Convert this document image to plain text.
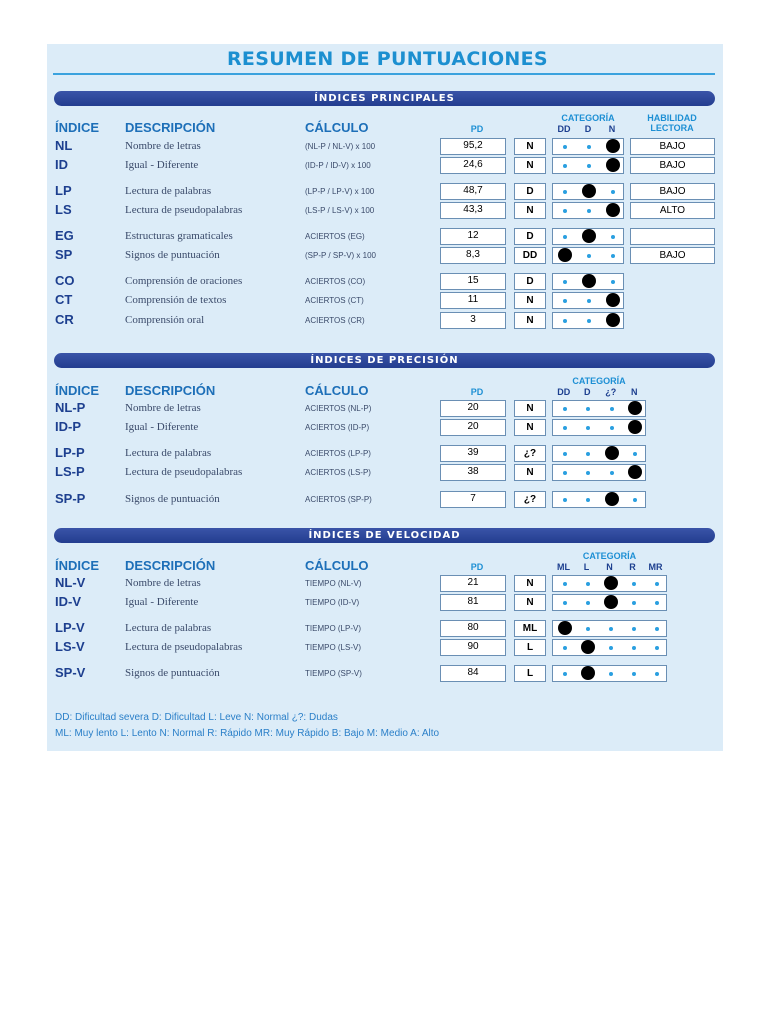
RESUMEN DE PUNTUACIONES
ÍNDICES PRINCIPALES
ÍNDICE DESCRIPCIÓN	CÁLCULO	PD
CATEGORÍA	HABILIDAD
LECTORA
DD	D	N
NL	Nombre de letras	(NL-P / NL-V) x 100	95,2	N	BAJO
ID	Igual - Diferente	(ID-P / ID-V) x 100	24,6	N	BAJO
LP	Lectura de palabras	(LP-P / LP-V) x 100	48,7	D	BAJO
LS	Lectura de pseudopalabras	(LS-P / LS-V) x 100	43,3	N	ALTO
EG	Estructuras gramaticales	ACIERTOS (EG)	12	D
SP	Signos de puntuación	(SP-P / SP-V) x 100	8,3	DD	BAJO
CO	Comprensión de oraciones	ACIERTOS (CO)	15	D
CT	Comprensión de textos	ACIERTOS (CT)	11	N
CR	Comprensión oral	ACIERTOS (CR)	3	N
ÍNDICES DE PRECISIÓN
ÍNDICE DESCRIPCIÓN	CÁLCULO	PD
CATEGORÍA
DD	D	¿?	N
NL-P	Nombre de letras	ACIERTOS (NL-P)	20	N
ID-P	Igual - Diferente	ACIERTOS (ID-P)	20	N
LP-P	Lectura de palabras	ACIERTOS (LP-P)	39	¿?
LS-P	Lectura de pseudopalabras	ACIERTOS (LS-P)	38	N
SP-P	Signos de puntuación	ACIERTOS (SP-P)	7	¿?
ÍNDICES DE VELOCIDAD
ÍNDICE DESCRIPCIÓN	CÁLCULO	PD
CATEGORÍA
ML	L	N	R	MR
NL-V	Nombre de letras	TIEMPO (NL-V)	21	N
ID-V	Igual - Diferente	TIEMPO (ID-V)	81	N
LP-V	Lectura de palabras	TIEMPO (LP-V)	80	ML
LS-V	Lectura de pseudopalabras	TIEMPO (LS-V)	90	L
SP-V	Signos de puntuación	TIEMPO (SP-V)	84	L
DD: Dificultad severa D: Dificultad L: Leve N: Normal ¿?: Dudas
ML: Muy lento L: Lento N: Normal R: Rápido MR: Muy Rápido B: Bajo M: Medio A: Alto
